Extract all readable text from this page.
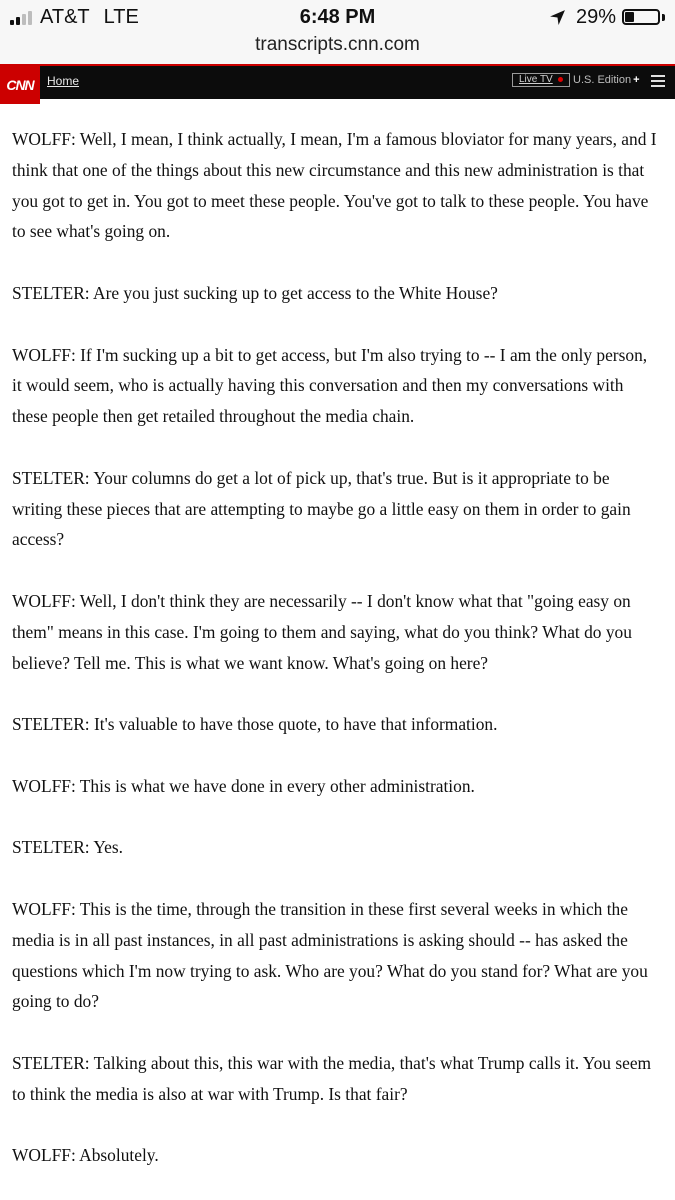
AT&T LTE	6:48 PM	29%
transcripts.cnn.com
CNN	Home	Live TV	U.S. Edition +

WOLFF: Well, I mean, I think actually, I mean, I'm a famous bloviator for many years, and I
think that one of the things about this new circumstance and this new administration is that
you got to get in. You got to meet these people. You've got to talk to these people. You have
to see what's going on.

STELTER: Are you just sucking up to get access to the White House?

WOLFF: If I'm sucking up a bit to get access, but I'm also trying to -- I am the only person,
it would seem, who is actually having this conversation and then my conversations with
these people then get retailed throughout the media chain.

STELTER: Your columns do get a lot of pick up, that's true. But is it appropriate to be
writing these pieces that are attempting to maybe go a little easy on them in order to gain
access?

WOLFF: Well, I don't think they are necessarily -- I don't know what that "going easy on
them" means in this case. I'm going to them and saying, what do you think? What do you
believe? Tell me. This is what we want know. What's going on here?

STELTER: It's valuable to have those quote, to have that information.

WOLFF: This is what we have done in every other administration.

STELTER: Yes.

WOLFF: This is the time, through the transition in these first several weeks in which the
media is in all past instances, in all past administrations is asking should -- has asked the
questions which I'm now trying to ask. Who are you? What do you stand for? What are you
going to do?

STELTER: Talking about this, this war with the media, that's what Trump calls it. You seem
to think the media is also at war with Trump. Is that fair?

WOLFF: Absolutely.
